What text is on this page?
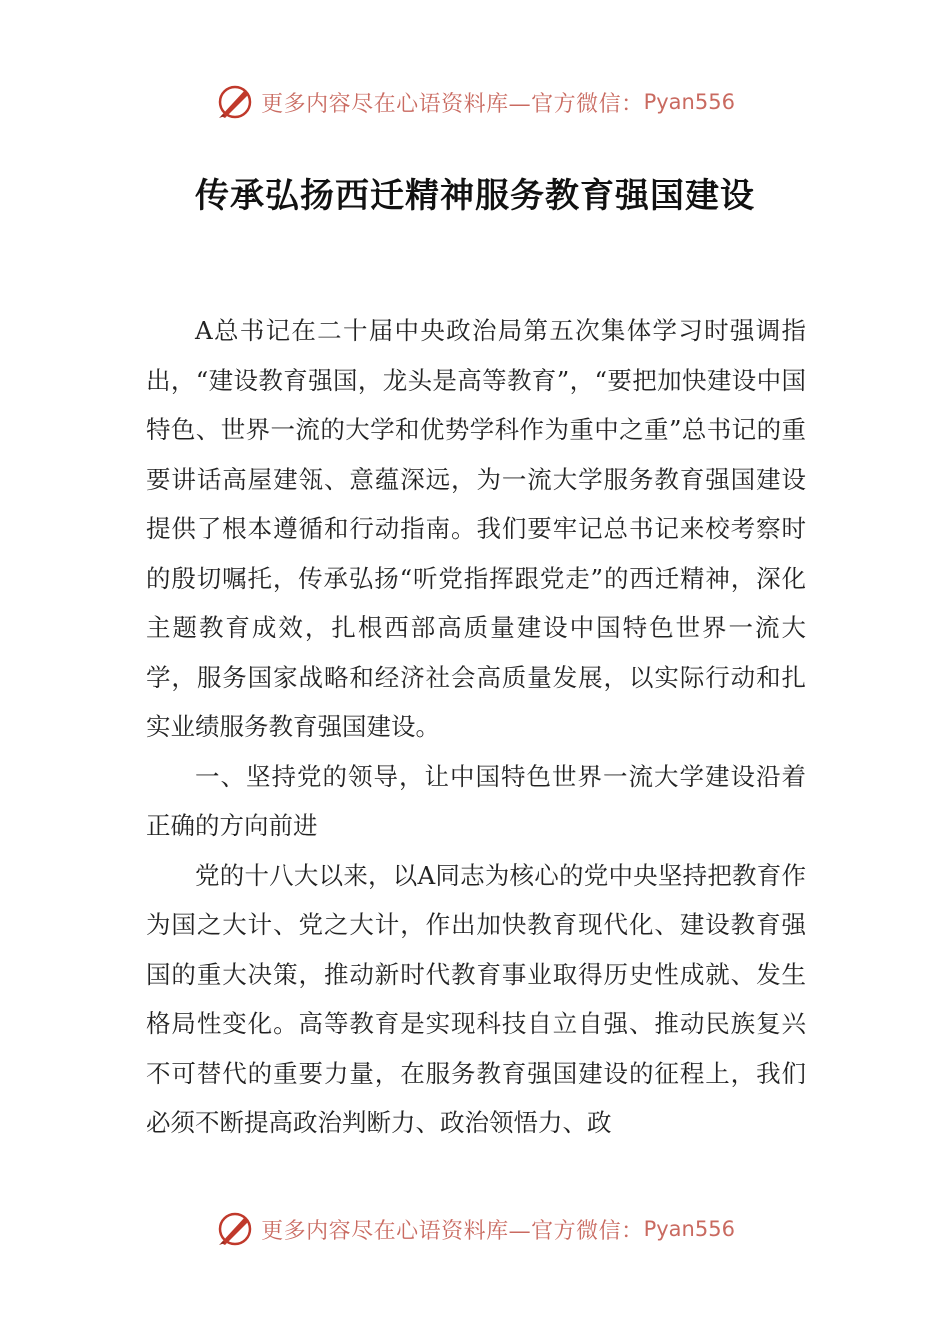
更多内容尽在心语资料库—官方微信： Pyan556
传承弘扬西迁精神服务教育强国建设

A总书记在二十届中央政治局第五次集体学习时强调指出，“建设教育强国，龙头是高等教育”，“要把加快建设中国特色、世界一流的大学和优势学科作为重中之重”总书记的重要讲话高屋建瓴、意蕴深远，为一流大学服务教育强国建设提供了根本遵循和行动指南。我们要牢记总书记来校考察时的殷切嘱托，传承弘扬“听党指挥跟党走”的西迁精神，深化主题教育成效，扎根西部高质量建设中国特色世界一流大学，服务国家战略和经济社会高质量发展，以实际行动和扎实业绩服务教育强国建设。

一、坚持党的领导，让中国特色世界一流大学建设沿着正确的方向前进

党的十八大以来，以A同志为核心的党中央坚持把教育作为国之大计、党之大计，作出加快教育现代化、建设教育强国的重大决策，推动新时代教育事业取得历史性成就、发生格局性变化。高等教育是实现科技自立自强、推动民族复兴不可替代的重要力量，在服务教育强国建设的征程上，我们必须不断提高政治判断力、政治领悟力、政

更多内容尽在心语资料库—官方微信： Pyan556
